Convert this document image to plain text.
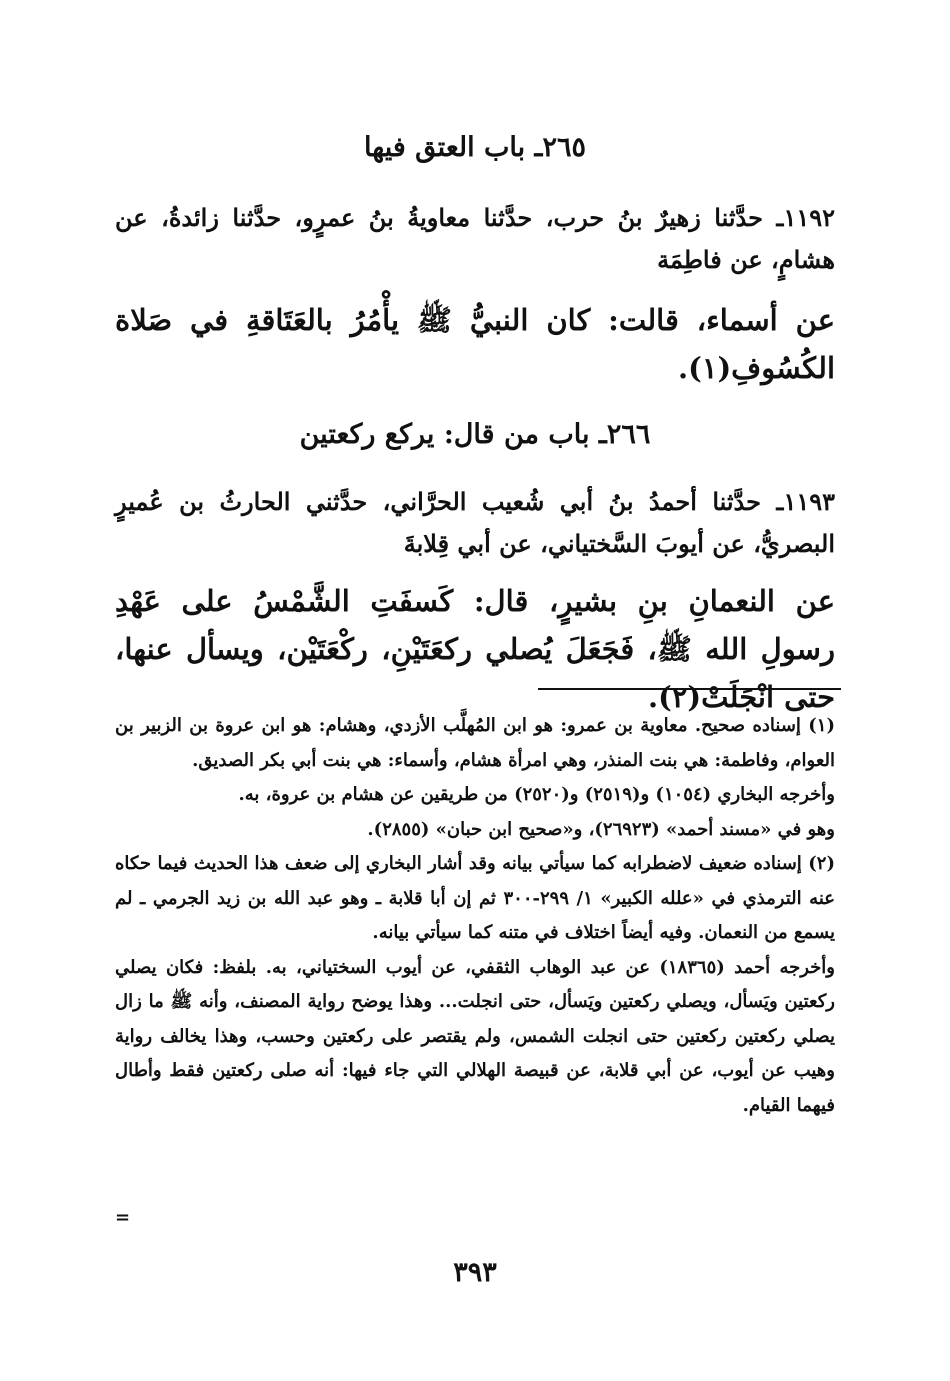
٢٦٥ـ باب العتق فيها
١١٩٢ـ حدَّثنا زهيرٌ بنُ حرب، حدَّثنا معاويةُ بنُ عمرٍو، حدَّثنا زائدةُ، عن هشامٍ، عن فاطِمَة
عن أسماء، قالت: كان النبيُّ ﷺ يأْمُرُ بالعَتَاقةِ في صَلاة الكُسُوفِ(١).
٢٦٦ـ باب من قال: يركع ركعتين
١١٩٣ـ حدَّثنا أحمدُ بنُ أبي شُعيب الحرَّاني، حدَّثني الحارثُ بن عُميرٍ البصريُّ، عن أيوبَ السَّختياني، عن أبي قِلابةَ
عن النعمانِ بنِ بشيرٍ، قال: كَسفَتِ الشَّمْسُ على عَهْدِ رسولِ الله ﷺ، فَجَعَلَ يُصلي ركعَتَيْنِ، ركْعَتَيْن، ويسأل عنها، حتى انْجَلَتْ(٢).

(١) إسناده صحيح. معاوية بن عمرو: هو ابن المُهلَّب الأزدي، وهشام: هو ابن عروة بن الزبير بن العوام، وفاطمة: هي بنت المنذر، وهي امرأة هشام، وأسماء: هي بنت أبي بكر الصديق.

وأخرجه البخاري (١٠٥٤) و(٢٥١٩) و(٢٥٢٠) من طريقين عن هشام بن عروة، به.

وهو في «مسند أحمد» (٢٦٩٢٣)، و«صحيح ابن حبان» (٢٨٥٥).

(٢) إسناده ضعيف لاضطرابه كما سيأتي بيانه وقد أشار البخاري إلى ضعف هذا الحديث فيما حكاه عنه الترمذي في «علله الكبير» ١/ ٢٩٩-٣٠٠ ثم إن أبا قلابة ـ وهو عبد الله بن زيد الجرمي ـ لم يسمع من النعمان. وفيه أيضاً اختلاف في متنه كما سيأتي بيانه.

وأخرجه أحمد (١٨٣٦٥) عن عبد الوهاب الثقفي، عن أيوب السختياني، به. بلفظ: فكان يصلي ركعتين ويَسأل، ويصلي ركعتين ويَسأل، حتى انجلت... وهذا يوضح رواية المصنف، وأنه ﷺ ما زال يصلي ركعتين ركعتين حتى انجلت الشمس، ولم يقتصر على ركعتين وحسب، وهذا يخالف رواية وهيب عن أيوب، عن أبي قلابة، عن قبيصة الهلالي التي جاء فيها: أنه صلى ركعتين فقط وأطال فيهما القيام.

=
٣٩٣
